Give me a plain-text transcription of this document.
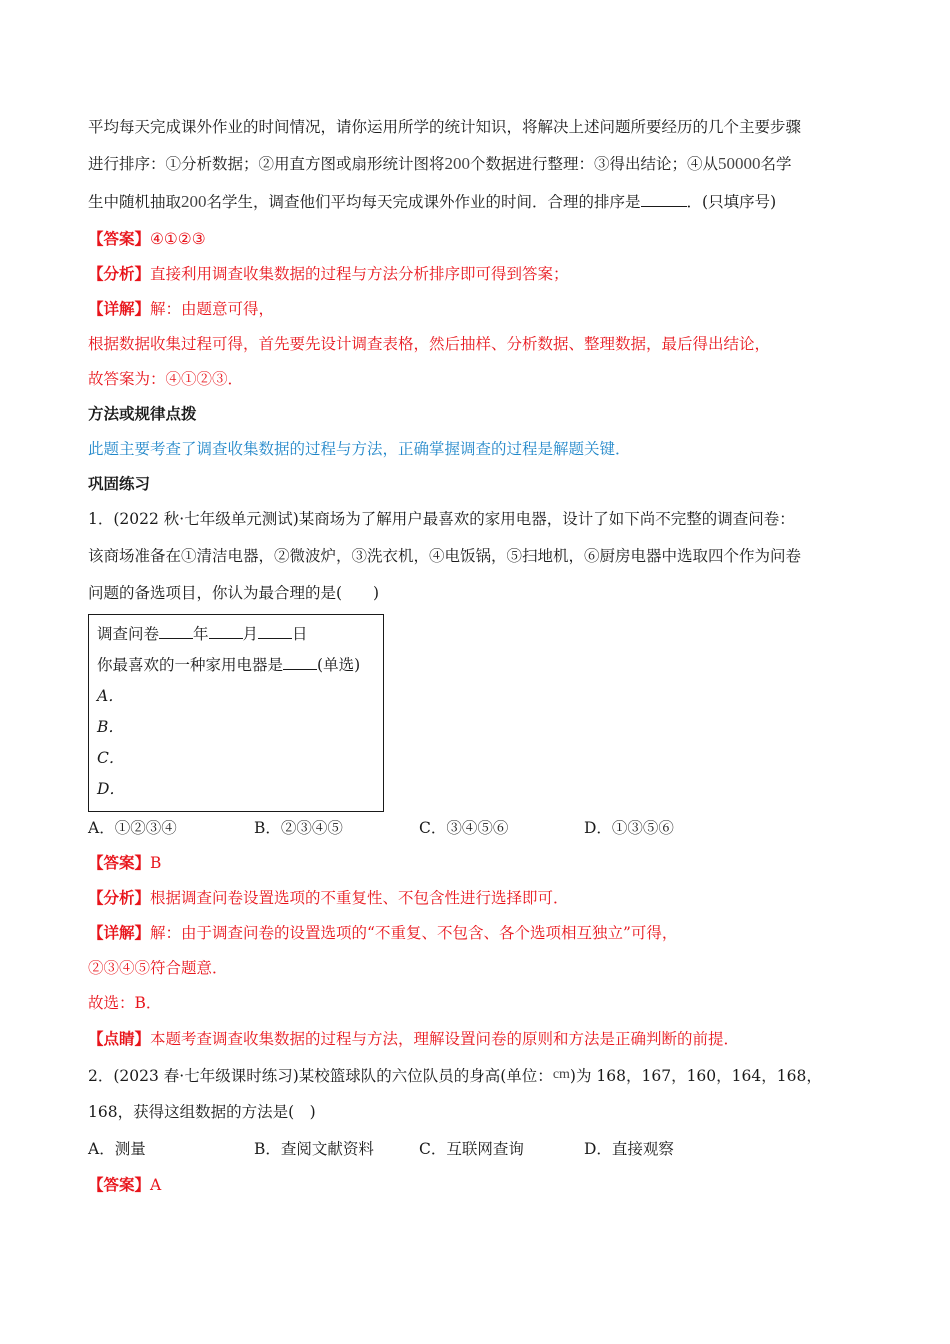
平均每天完成课外作业的时间情况，请你运用所学的统计知识，将解决上述问题所要经历的几个主要步骤
进行排序：①分析数据；②用直方图或扇形统计图将200个数据进行整理：③得出结论；④从50000名学
生中随机抽取200名学生，调查他们平均每天完成课外作业的时间．合理的排序是	．(只填序号)
【答案】④①②③
【分析】直接利用调查收集数据的过程与方法分析排序即可得到答案；
【详解】解：由题意可得，
根据数据收集过程可得，首先要先设计调查表格，然后抽样、分析数据、整理数据，最后得出结论，
故答案为：④①②③．
方法或规律点拨
此题主要考查了调查收集数据的过程与方法，正确掌握调查的过程是解题关键．
巩固练习
1．(2022 秋·七年级单元测试)某商场为了解用户最喜欢的家用电器，设计了如下尚不完整的调查问卷：
该商场准备在①清洁电器，②微波炉，③洗衣机，④电饭锅，⑤扫地机，⑥厨房电器中选取四个作为问卷
问题的备选项目，你认为最合理的是(　　)
调查问卷 年 月 日
你最喜欢的一种家用电器是 (单选)
A．
B．
C．
D．
A．①②③④	B．②③④⑤	C．③④⑤⑥	D．①③⑤⑥
【答案】B
【分析】根据调查问卷设置选项的不重复性、不包含性进行选择即可．
【详解】解：由于调查问卷的设置选项的“不重复、不包含、各个选项相互独立”可得，
②③④⑤符合题意．
故选：B．
【点睛】本题考查调查收集数据的过程与方法，理解设置问卷的原则和方法是正确判断的前提．
2．(2023 春·七年级课时练习)某校篮球队的六位队员的身高(单位：cm)为 168，167，160，164，168，
168，获得这组数据的方法是(　)
A．测量	B．查阅文献资料	C．互联网查询	D．直接观察
【答案】A
